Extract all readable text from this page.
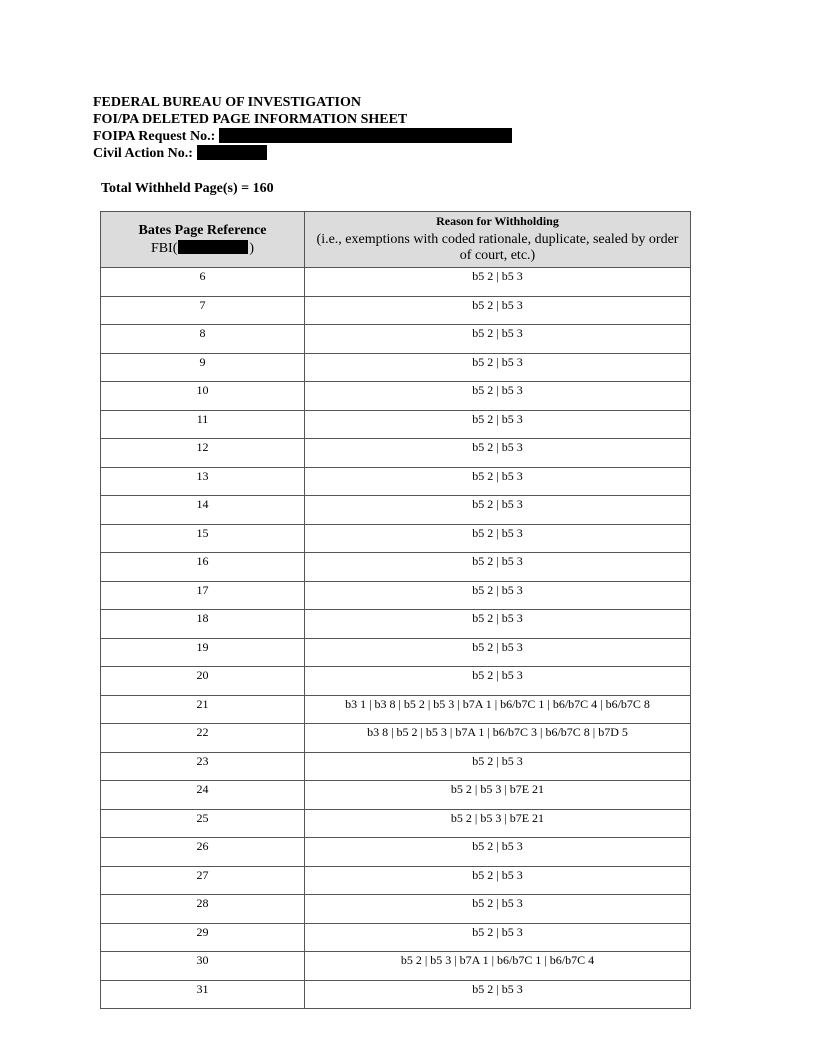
FEDERAL BUREAU OF INVESTIGATION
FOI/PA DELETED PAGE INFORMATION SHEET
FOIPA Request No.:
Civil Action No.:
Total Withheld Page(s) = 160
Bates Page Reference
FBI( )	Reason for Withholding
(i.e., exemptions with coded rationale, duplicate, sealed by order of court, etc.)

6	b5 2 | b5 3
7	b5 2 | b5 3
8	b5 2 | b5 3
9	b5 2 | b5 3
10	b5 2 | b5 3
11	b5 2 | b5 3
12	b5 2 | b5 3
13	b5 2 | b5 3
14	b5 2 | b5 3
15	b5 2 | b5 3
16	b5 2 | b5 3
17	b5 2 | b5 3
18	b5 2 | b5 3
19	b5 2 | b5 3
20	b5 2 | b5 3
21	b3 1 | b3 8 | b5 2 | b5 3 | b7A 1 | b6/b7C 1 | b6/b7C 4 | b6/b7C 8
22	b3 8 | b5 2 | b5 3 | b7A 1 | b6/b7C 3 | b6/b7C 8 | b7D 5
23	b5 2 | b5 3
24	b5 2 | b5 3 | b7E 21
25	b5 2 | b5 3 | b7E 21
26	b5 2 | b5 3
27	b5 2 | b5 3
28	b5 2 | b5 3
29	b5 2 | b5 3
30	b5 2 | b5 3 | b7A 1 | b6/b7C 1 | b6/b7C 4
31	b5 2 | b5 3
